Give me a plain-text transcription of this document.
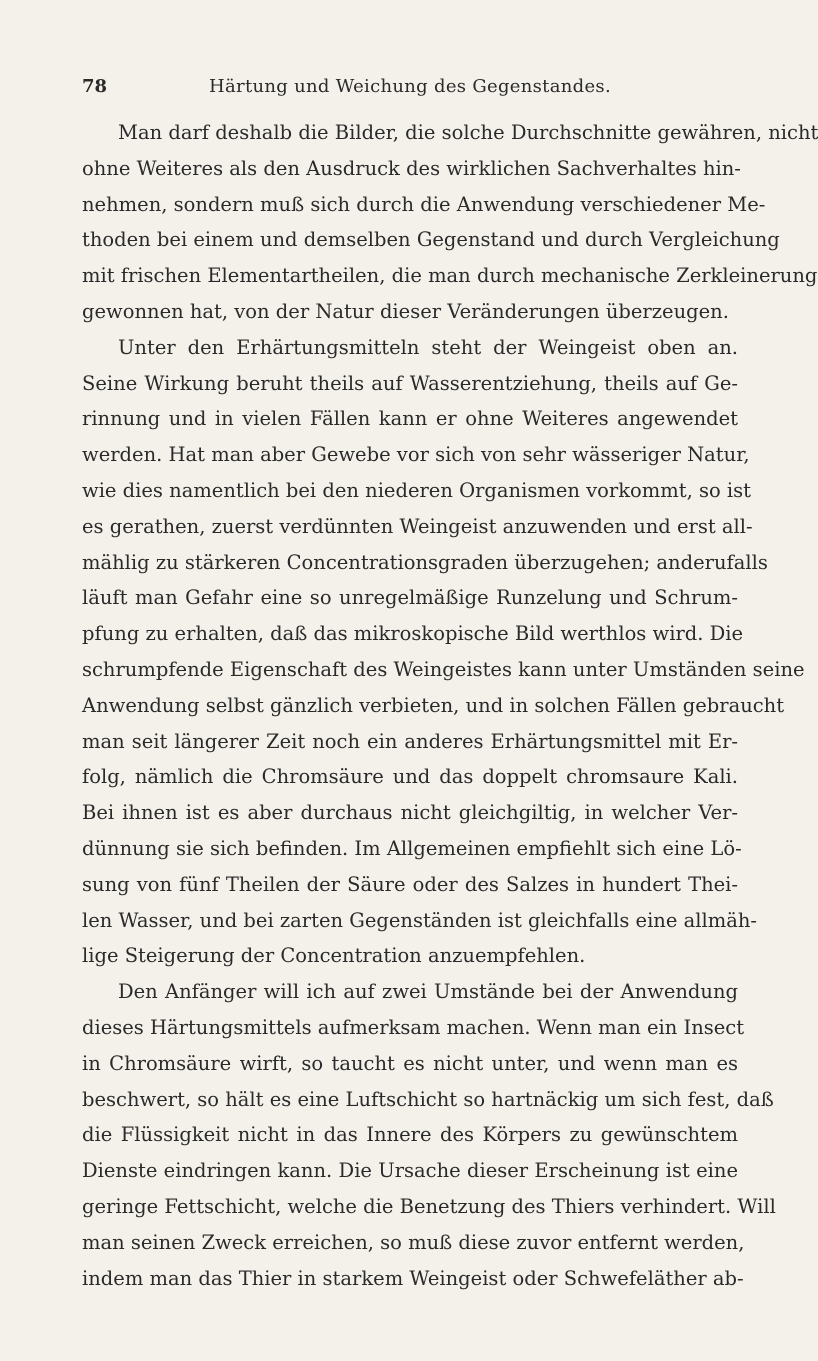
78	Härtung und Weichung des Gegenstandes.
Man darf deshalb die Bilder, die solche Durchschnitte gewähren, nicht
ohne Weiteres als den Ausdruck des wirklichen Sachverhaltes hin-
nehmen, sondern muß sich durch die Anwendung verschiedener Me-
thoden bei einem und demselben Gegenstand und durch Vergleichung
mit frischen Elementartheilen, die man durch mechanische Zerkleinerung
gewonnen hat, von der Natur dieser Veränderungen überzeugen.
Unter den Erhärtungsmitteln steht der Weingeist oben an.
Seine Wirkung beruht theils auf Wasserentziehung, theils auf Ge-
rinnung und in vielen Fällen kann er ohne Weiteres angewendet
werden. Hat man aber Gewebe vor sich von sehr wässeriger Natur,
wie dies namentlich bei den niederen Organismen vorkommt, so ist
es gerathen, zuerst verdünnten Weingeist anzuwenden und erst all-
mählig zu stärkeren Concentrationsgraden überzugehen; anderufalls
läuft man Gefahr eine so unregelmäßige Runzelung und Schrum-
pfung zu erhalten, daß das mikroskopische Bild werthlos wird. Die
schrumpfende Eigenschaft des Weingeistes kann unter Umständen seine
Anwendung selbst gänzlich verbieten, und in solchen Fällen gebraucht
man seit längerer Zeit noch ein anderes Erhärtungsmittel mit Er-
folg, nämlich die Chromsäure und das doppelt chromsaure Kali.
Bei ihnen ist es aber durchaus nicht gleichgiltig, in welcher Ver-
dünnung sie sich befinden. Im Allgemeinen empfiehlt sich eine Lö-
sung von fünf Theilen der Säure oder des Salzes in hundert Thei-
len Wasser, und bei zarten Gegenständen ist gleichfalls eine allmäh-
lige Steigerung der Concentration anzuempfehlen.
Den Anfänger will ich auf zwei Umstände bei der Anwendung
dieses Härtungsmittels aufmerksam machen. Wenn man ein Insect
in Chromsäure wirft, so taucht es nicht unter, und wenn man es
beschwert, so hält es eine Luftschicht so hartnäckig um sich fest, daß
die Flüssigkeit nicht in das Innere des Körpers zu gewünschtem
Dienste eindringen kann. Die Ursache dieser Erscheinung ist eine
geringe Fettschicht, welche die Benetzung des Thiers verhindert. Will
man seinen Zweck erreichen, so muß diese zuvor entfernt werden,
indem man das Thier in starkem Weingeist oder Schwefeläther ab-
